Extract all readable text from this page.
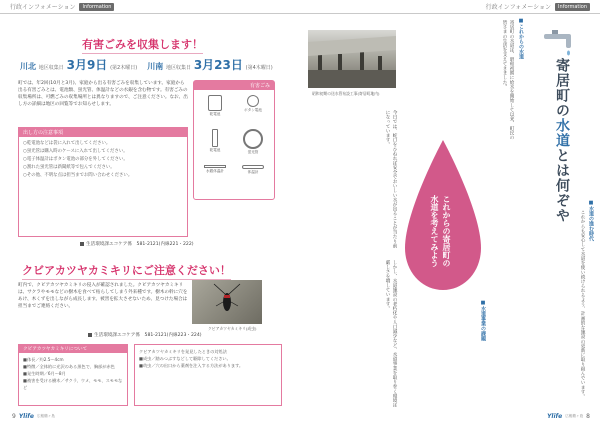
行政インフォメーション	Information
有害ごみを収集します！
川北 地区収集日 3月9日 (第2木曜日) 川南 地区収集日 3月23日 (第4木曜日)
町では、年2回(10月と3月)、家庭から出る有害ごみを収集しています。家庭から出る有害ごみとは、電池類、蛍光管、体温計などの水銀を含む物です。有害ごみの収集場所は、可燃ごみの収集場所とは異なりますので、ご注意ください。なお、出し方の詳細は地区の回覧等でお知らせします。
出し方の注意事項
○乾電池などは袋に入れて出してください。
○蛍光管は購入時のケースに入れて出してください。
○電子体温計はボタン電池の部分を外してください。
○割れた蛍光管は新聞紙等で包んでください。
○その他、不明な点は担当までお問い合わせください。
有害ごみ
乾電池
ボタン電池
乾電池	蛍光管
水銀体温計	体温計
生活環境課エコケア係　581-2121(内線221・222)
クビアカツヤカミキリにご注意ください！
町内で、クビアカツヤカミキリの侵入が確認されました。クビアカツヤカミキリは、サクラやモモなどの樹木を食べて枯らしてしまう外来種です。樹木の幹に穴をあけ、木くずを出しながら成長します。被害を拡大させないため、見つけた場合は担当までご連絡ください。
クビアカツヤカミキリ(成虫)
生活環境課エコケア係　581-2121(内線223・224)
クビアカツヤカミキリについて
■体長／約2.5～4cm
■特徴／全体的に光沢のある黒色で、胸部が赤色
■発生時期／6月～8月
■被害を受ける樹木／サクラ、ウメ、モモ、スモモなど
クビアカツヤカミキリを発見したときの対処法
■成虫／踏みつぶすなどして駆除してください。
■幼虫／穴の出口から薬剤を注入する方法があります。
9 Ylife 広報鶴ヶ島
行政インフォメーション	Information
寄居町の水道とは何ぞや
昭和初期の送水管布設工事(寄居町地内)
■水道の進む時代
■これからの水道
■水道事業の課題
寄居町の水道は、昭和初期に給水を開始して以来、町民の皆さまの生活を支えてきました。
今日では、蛇口をひねれば安全でおいしい水が出ることが当たり前になっています。
しかし、水道施設の老朽化や人口減少など、水道事業を取り巻く環境は厳しさを増しています。	これからも安心して水道を使い続けられるよう、計画的な施設の更新に取り組んでいます。
これからの寄居町の
水道を考えてみよう
Ylife 広報鶴ヶ島 8
